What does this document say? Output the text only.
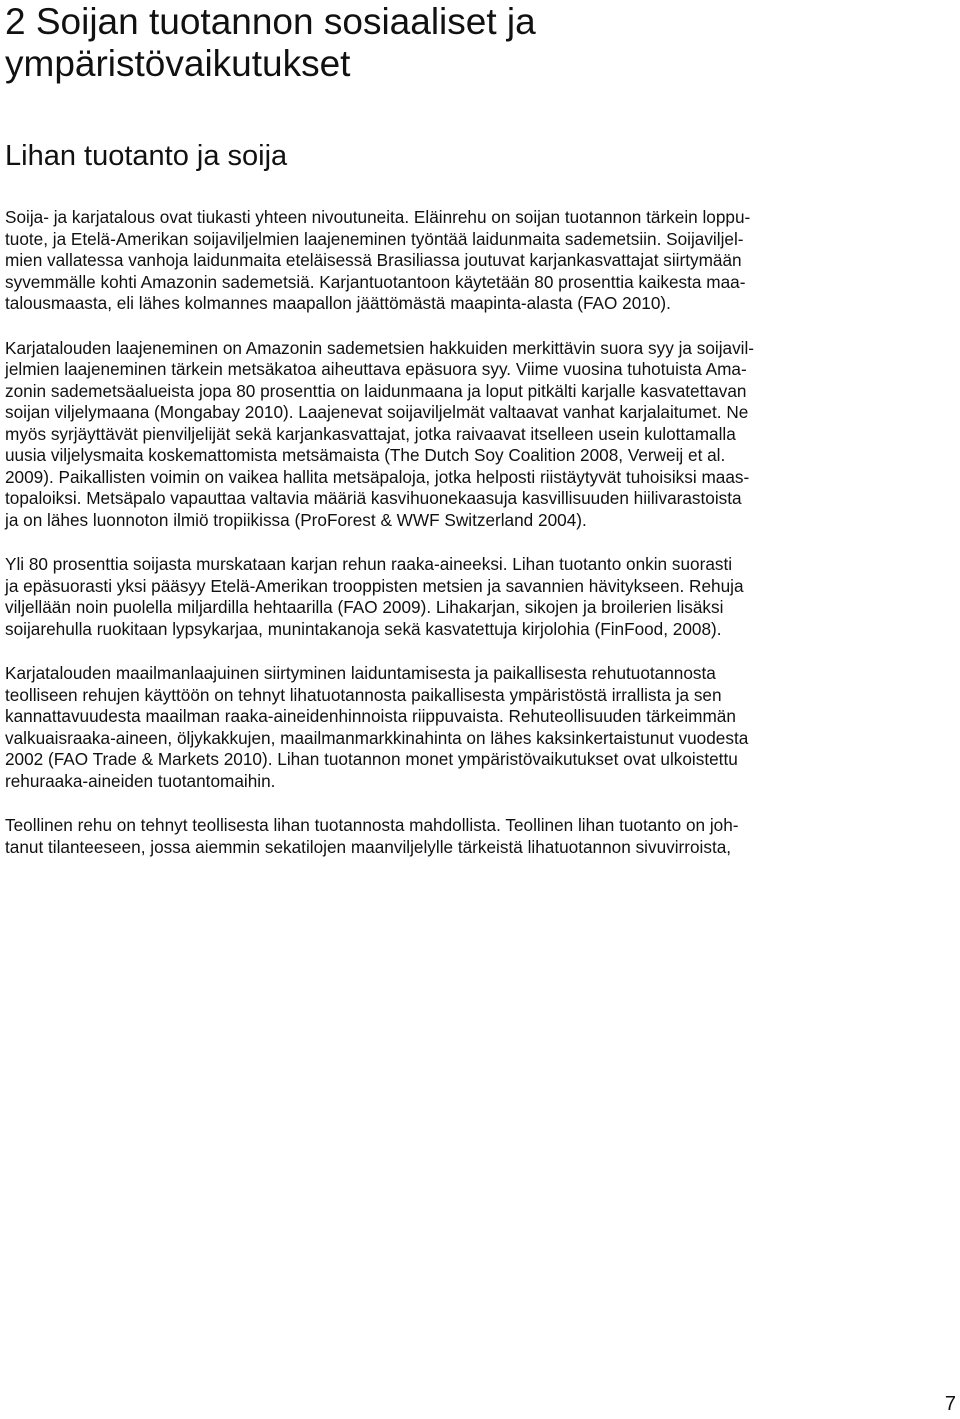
2 Soijan tuotannon sosiaaliset ja
ympäristövaikutukset
Lihan tuotanto ja soija

Soija- ja karjatalous ovat tiukasti yhteen nivoutuneita. Eläinrehu on soijan tuotannon tärkein loppu-
tuote, ja Etelä-Amerikan soijaviljelmien laajeneminen työntää laidunmaita sademetsiin. Soijaviljel-
mien vallatessa vanhoja laidunmaita eteläisessä Brasiliassa joutuvat karjankasvattajat siirtymään
syvemmälle kohti Amazonin sademetsiä. Karjantuotantoon käytetään 80 prosenttia kaikesta maa-
talousmaasta, eli lähes kolmannes maapallon jäättömästä maapinta-alasta (FAO 2010).

Karjatalouden laajeneminen on Amazonin sademetsien hakkuiden merkittävin suora syy ja soijavil-
jelmien laajeneminen tärkein metsäkatoa aiheuttava epäsuora syy. Viime vuosina tuhotuista Ama-
zonin sademetsäalueista jopa 80 prosenttia on laidunmaana ja loput pitkälti karjalle kasvatettavan
soijan viljelymaana (Mongabay 2010). Laajenevat soijaviljelmät valtaavat vanhat karjalaitumet. Ne
myös syrjäyttävät pienviljelijät sekä karjankasvattajat, jotka raivaavat itselleen usein kulottamalla
uusia viljelysmaita koskemattomista metsämaista (The Dutch Soy Coalition 2008, Verweij et al.
2009). Paikallisten voimin on vaikea hallita metsäpaloja, jotka helposti riistäytyvät tuhoisiksi maas-
topaloiksi. Metsäpalo vapauttaa valtavia määriä kasvihuonekaasuja kasvillisuuden hiilivarastoista
ja on lähes luonnoton ilmiö tropiikissa (ProForest & WWF Switzerland 2004).

Yli 80 prosenttia soijasta murskataan karjan rehun raaka-aineeksi. Lihan tuotanto onkin suorasti
ja epäsuorasti yksi pääsyy Etelä-Amerikan trooppisten metsien ja savannien hävitykseen. Rehuja
viljellään noin puolella miljardilla hehtaarilla (FAO 2009). Lihakarjan, sikojen ja broilerien lisäksi
soijarehulla ruokitaan lypsykarjaa, munintakanoja sekä kasvatettuja kirjolohia (FinFood, 2008).

Karjatalouden maailmanlaajuinen siirtyminen laiduntamisesta ja paikallisesta rehutuotannosta
teolliseen rehujen käyttöön on tehnyt lihatuotannosta paikallisesta ympäristöstä irrallista ja sen
kannattavuudesta maailman raaka-aineidenhinnoista riippuvaista. Rehuteollisuuden tärkeimmän
valkuaisraaka-aineen, öljykakkujen, maailmanmarkkinahinta on lähes kaksinkertaistunut vuodesta
2002 (FAO Trade & Markets 2010). Lihan tuotannon monet ympäristövaikutukset ovat ulkoistettu
rehuraaka-aineiden tuotantomaihin.

Teollinen rehu on tehnyt teollisesta lihan tuotannosta mahdollista. Teollinen lihan tuotanto on joh-
tanut tilanteeseen, jossa aiemmin sekatilojen maanviljelylle tärkeistä lihatuotannon sivuvirroista,

7
